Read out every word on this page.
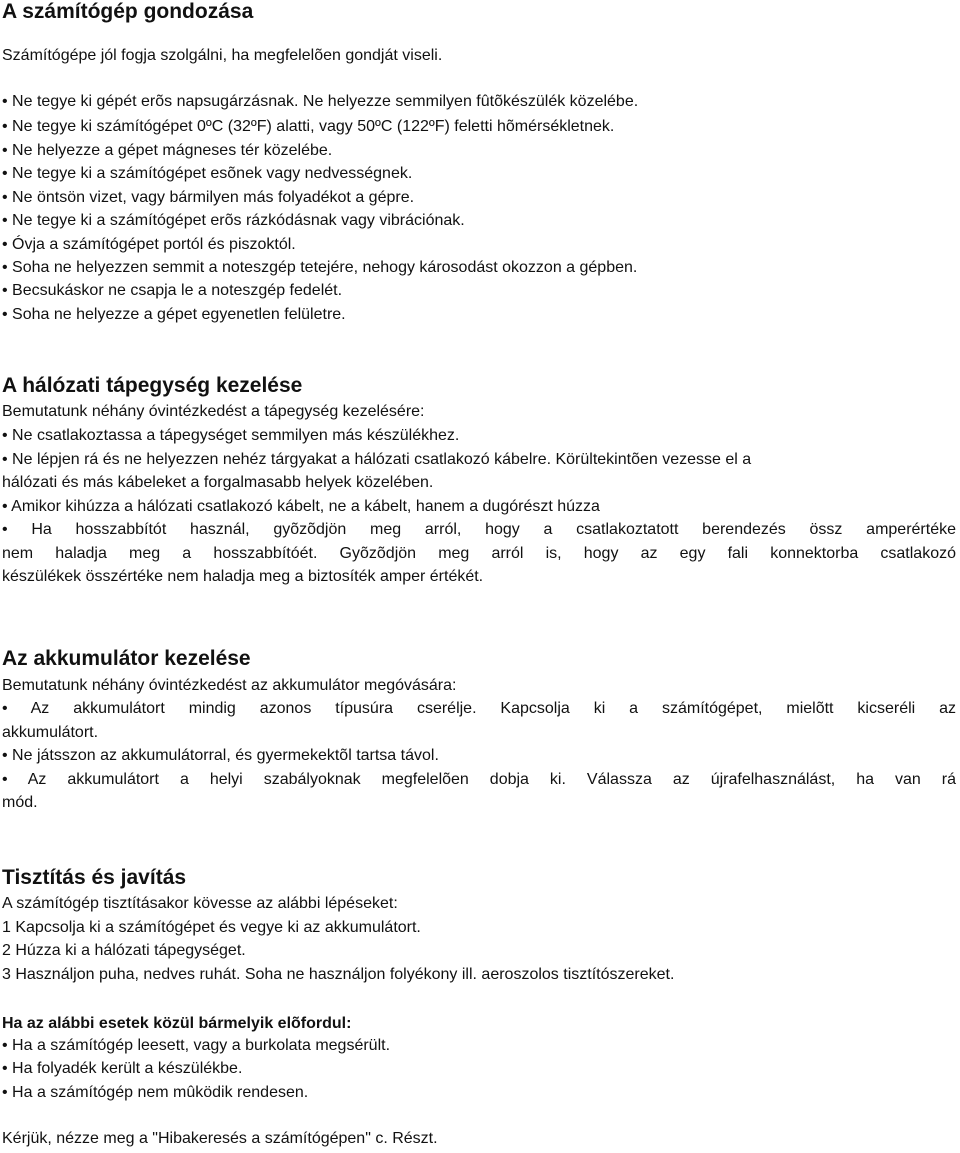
A számítógép gondozása
Számítógépe jól fogja szolgálni, ha megfelelõen gondját viseli.
• Ne tegye ki gépét erõs napsugárzásnak. Ne helyezze semmilyen fûtõkészülék közelébe.
• Ne tegye ki számítógépet 0ºC (32ºF) alatti, vagy 50ºC (122ºF) feletti hõmérsékletnek.
• Ne helyezze a gépet mágneses tér közelébe.
• Ne tegye ki a számítógépet esõnek vagy nedvességnek.
• Ne öntsön vizet, vagy bármilyen más folyadékot a gépre.
• Ne tegye ki a számítógépet erõs rázkódásnak vagy vibrációnak.
• Óvja a számítógépet portól és piszoktól.
• Soha ne helyezzen semmit a noteszgép tetejére, nehogy károsodást okozzon a gépben.
• Becsukáskor ne csapja le a noteszgép fedelét.
• Soha ne helyezze a gépet egyenetlen felületre.
A hálózati tápegység kezelése
Bemutatunk néhány óvintézkedést a tápegység kezelésére:
• Ne csatlakoztassa a tápegységet semmilyen más készülékhez.
• Ne lépjen rá és ne helyezzen nehéz tárgyakat a hálózati csatlakozó kábelre. Körültekintõen vezesse el a
hálózati és más kábeleket a forgalmasabb helyek közelében.
• Amikor kihúzza a hálózati csatlakozó kábelt, ne a kábelt, hanem a dugórészt húzza
• Ha hosszabbítót használ, gyõzõdjön meg arról, hogy a csatlakoztatott berendezés össz amperértéke
nem haladja meg a hosszabbítóét. Gyõzõdjön meg arról is, hogy az egy fali konnektorba csatlakozó
készülékek összértéke nem haladja meg a biztosíték amper értékét.
Az akkumulátor kezelése
Bemutatunk néhány óvintézkedést az akkumulátor megóvására:
• Az akkumulátort mindig azonos típusúra cserélje. Kapcsolja ki a számítógépet, mielõtt kicseréli az
akkumulátort.
• Ne játsszon az akkumulátorral, és gyermekektõl tartsa távol.
• Az akkumulátort a helyi szabályoknak megfelelõen dobja ki. Válassza az újrafelhasználást, ha van rá
mód.
Tisztítás és javítás
A számítógép tisztításakor kövesse az alábbi lépéseket:
1 Kapcsolja ki a számítógépet és vegye ki az akkumulátort.
2 Húzza ki a hálózati tápegységet.
3 Használjon puha, nedves ruhát. Soha ne használjon folyékony ill. aeroszolos tisztítószereket.
Ha az alábbi esetek közül bármelyik elõfordul:
• Ha a számítógép leesett, vagy a burkolata megsérült.
• Ha folyadék került a készülékbe.
• Ha a számítógép nem mûködik rendesen.
Kérjük, nézze meg a "Hibakeresés a számítógépen" c. Részt.
